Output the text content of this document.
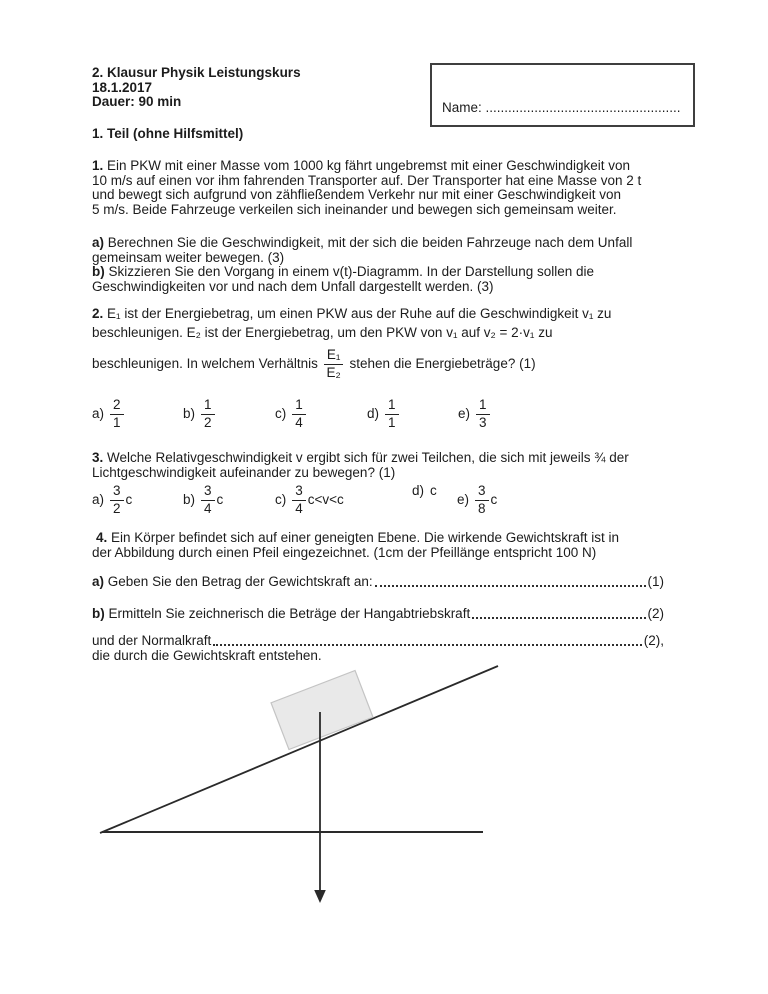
2. Klausur Physik Leistungskurs
18.1.2017
Dauer: 90 min	Name: ....................................................
1. Teil (ohne Hilfsmittel)
1. Ein PKW mit einer Masse vom 1000 kg fährt ungebremst mit einer Geschwindigkeit von
10 m/s auf einen vor ihm fahrenden Transporter auf. Der Transporter hat eine Masse von 2 t
und bewegt sich aufgrund von zähfließendem Verkehr nur mit einer Geschwindigkeit von
5 m/s. Beide Fahrzeuge verkeilen sich ineinander und bewegen sich gemeinsam weiter.
a) Berechnen Sie die Geschwindigkeit, mit der sich die beiden Fahrzeuge nach dem Unfall
gemeinsam weiter bewegen. (3)
b) Skizzieren Sie den Vorgang in einem v(t)-Diagramm. In der Darstellung sollen die
Geschwindigkeiten vor und nach dem Unfall dargestellt werden. (3)
2. E₁ ist der Energiebetrag, um einen PKW aus der Ruhe auf die Geschwindigkeit v₁ zu
beschleunigen. E₂ ist der Energiebetrag, um den PKW von v₁ auf v₂ = 2·v₁ zu
beschleunigen. In welchem Verhältnis $\frac{\text{E₁}}{\text{E₂}}$ stehen die Energiebeträge? (1)
$a) \frac{2}{1}$	$b) \frac{1}{2}$	$c) \frac{1}{4}$	$d) \frac{1}{1}$	$e) \frac{1}{3}$
3. Welche Relativgeschwindigkeit v ergibt sich für zwei Teilchen, die sich mit jeweils ¾ der
Lichtgeschwindigkeit aufeinander zu bewegen? (1)
$a) \frac{3}{2}$ c	$b) \frac{3}{4}$ c	$c) \frac{3}{4} c<v<c$
d) c
$e) \frac{3}{8}$ c
4. Ein Körper befindet sich auf einer geneigten Ebene. Die wirkende Gewichtskraft ist in
der Abbildung durch einen Pfeil eingezeichnet. (1cm der Pfeillänge entspricht 100 N)
a) Geben Sie den Betrag der Gewichtskraft an:	(1)
b) Ermitteln Sie zeichnerisch die Beträge der Hangabtriebskraft	(2)
und der Normalkraft	(2),
die durch die Gewichtskraft entstehen.
